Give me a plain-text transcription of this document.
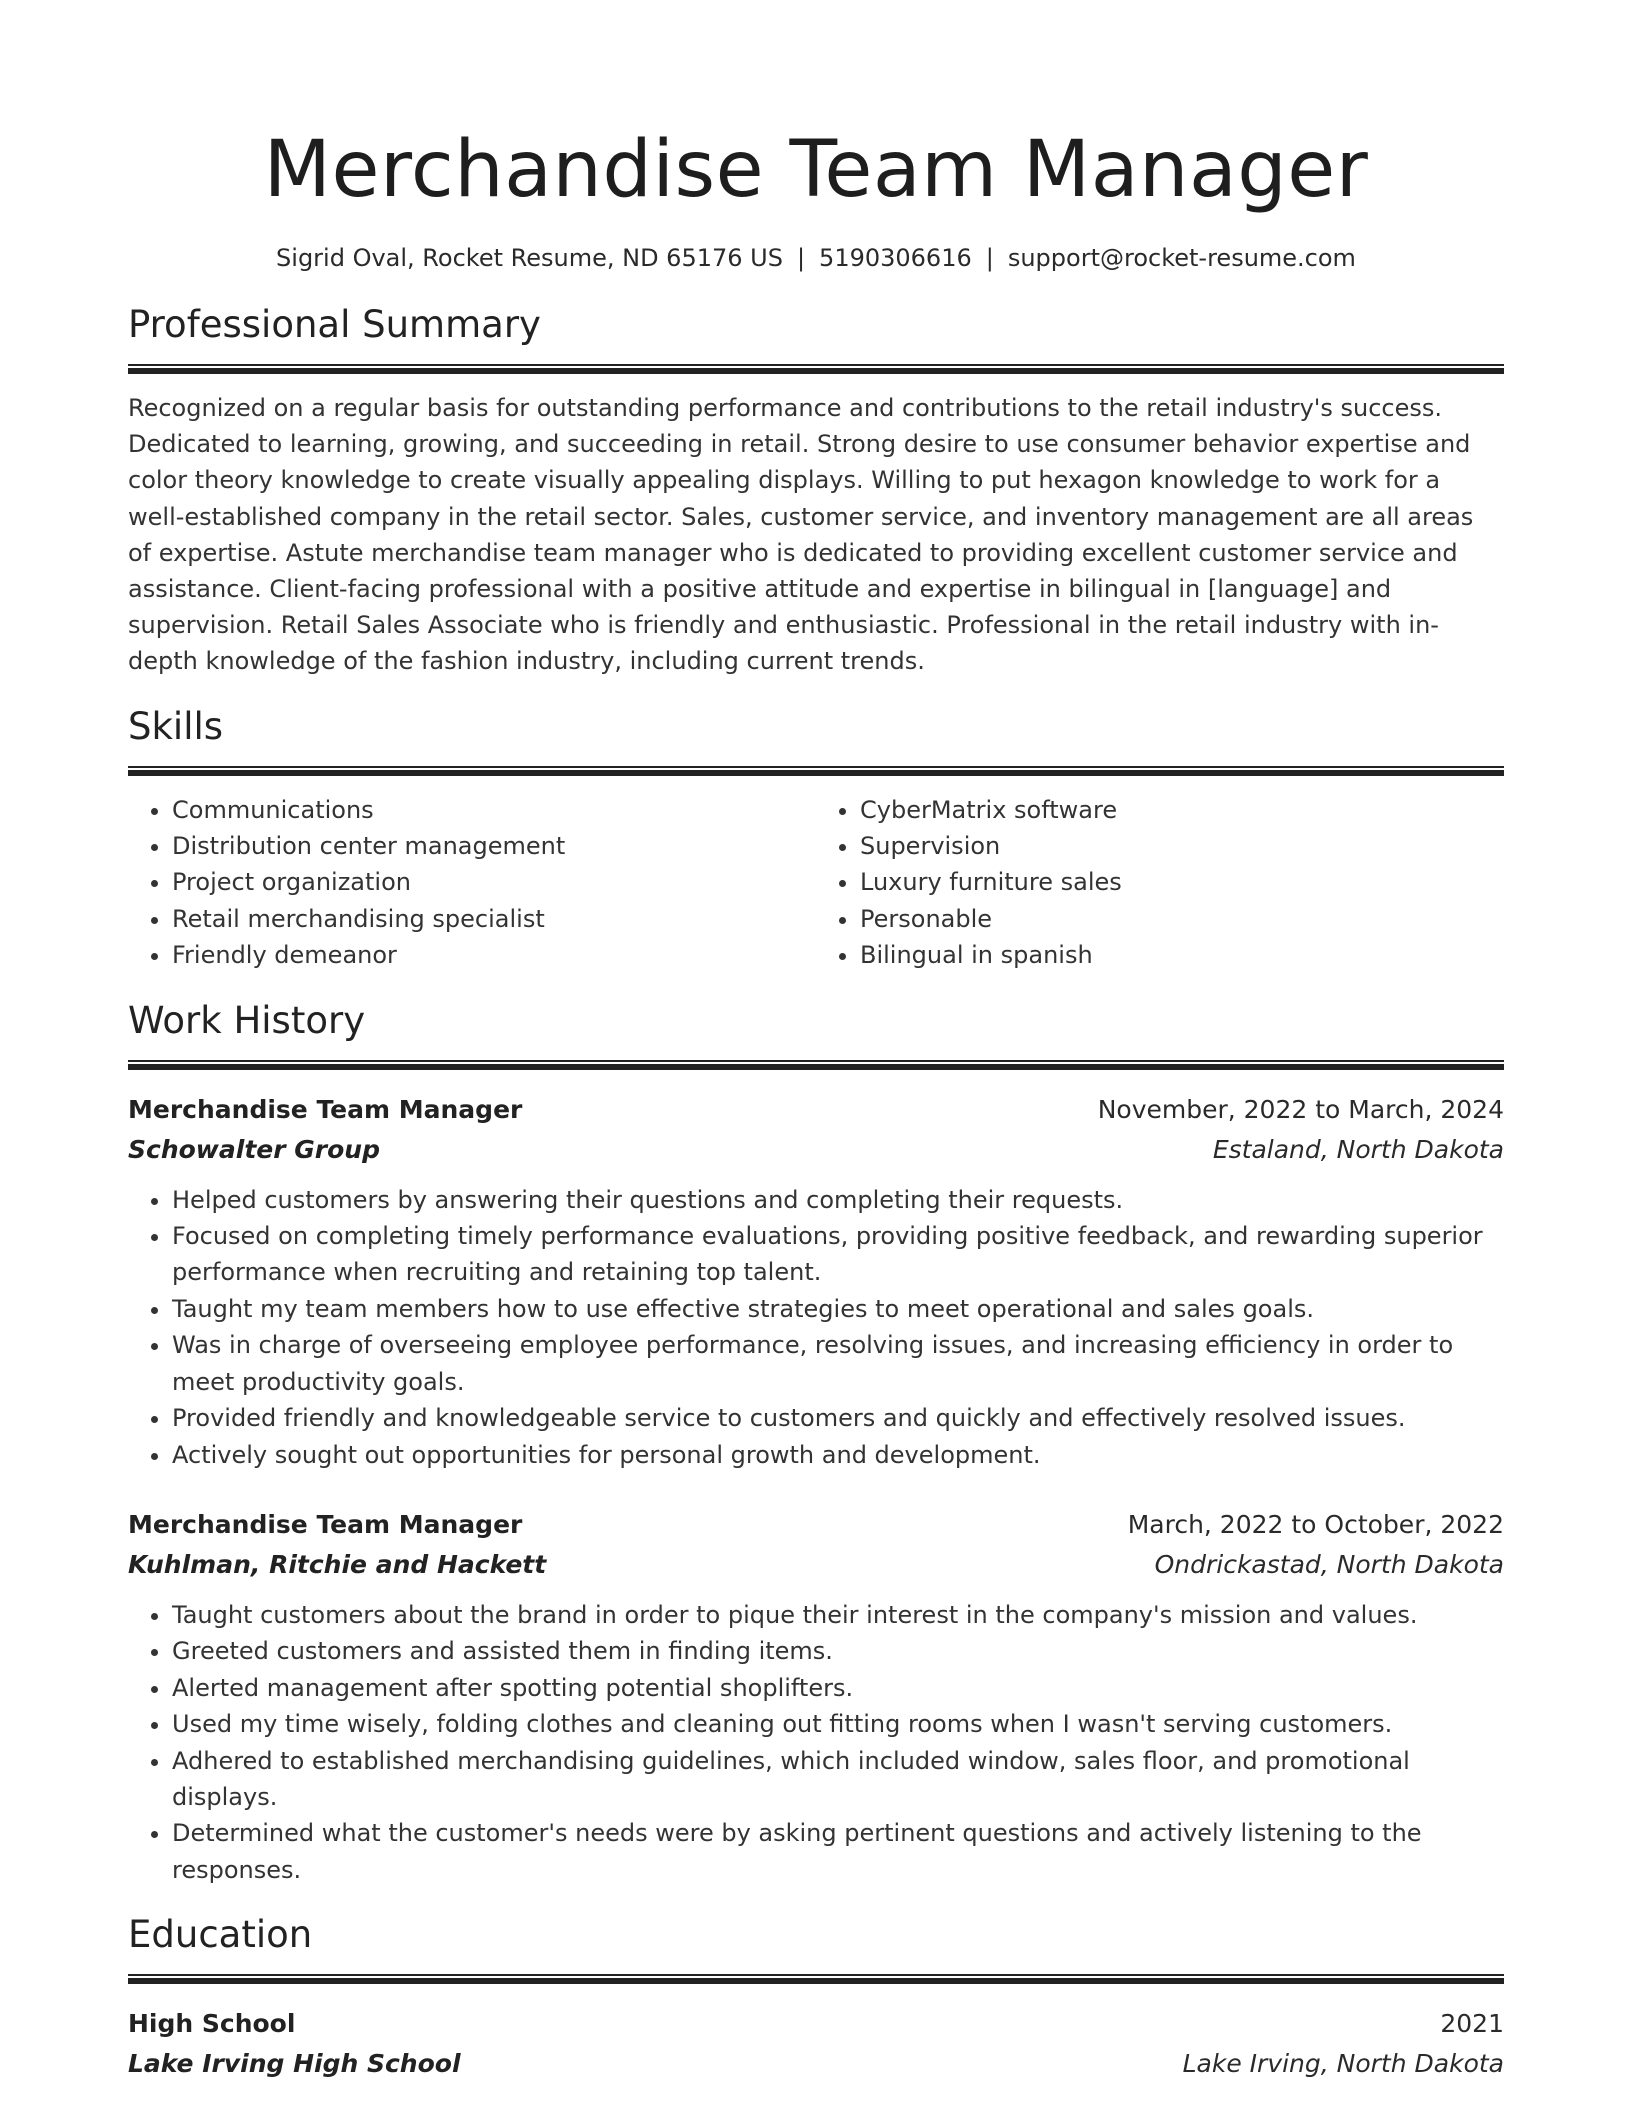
Merchandise Team Manager
Sigrid Oval, Rocket Resume, ND 65176 US | 5190306616 | support@rocket-resume.com
Professional Summary

Recognized on a regular basis for outstanding performance and contributions to the retail industry's success. Dedicated to learning, growing, and succeeding in retail. Strong desire to use consumer behavior expertise and color theory knowledge to create visually appealing displays. Willing to put hexagon knowledge to work for a well-established company in the retail sector. Sales, customer service, and inventory management are all areas of expertise. Astute merchandise team manager who is dedicated to providing excellent customer service and assistance. Client-facing professional with a positive attitude and expertise in bilingual in [language] and supervision. Retail Sales Associate who is friendly and enthusiastic. Professional in the retail industry with in-depth knowledge of the fashion industry, including current trends.

Skills
• Communications
• Distribution center management
• Project organization
• Retail merchandising specialist
• Friendly demeanor
• CyberMatrix software
• Supervision
• Luxury furniture sales
• Personable
• Bilingual in spanish
Work History
Merchandise Team Manager	November, 2022 to March, 2024
Schowalter Group	Estaland, North Dakota
• Helped customers by answering their questions and completing their requests.
• Focused on completing timely performance evaluations, providing positive feedback, and rewarding superior performance when recruiting and retaining top talent.
• Taught my team members how to use effective strategies to meet operational and sales goals.
• Was in charge of overseeing employee performance, resolving issues, and increasing efficiency in order to meet productivity goals.
• Provided friendly and knowledgeable service to customers and quickly and effectively resolved issues.
• Actively sought out opportunities for personal growth and development.
Merchandise Team Manager	March, 2022 to October, 2022
Kuhlman, Ritchie and Hackett	Ondrickastad, North Dakota
• Taught customers about the brand in order to pique their interest in the company's mission and values.
• Greeted customers and assisted them in finding items.
• Alerted management after spotting potential shoplifters.
• Used my time wisely, folding clothes and cleaning out fitting rooms when I wasn't serving customers.
• Adhered to established merchandising guidelines, which included window, sales floor, and promotional displays.
• Determined what the customer's needs were by asking pertinent questions and actively listening to the responses.
Education
High School	2021
Lake Irving High School	Lake Irving, North Dakota
